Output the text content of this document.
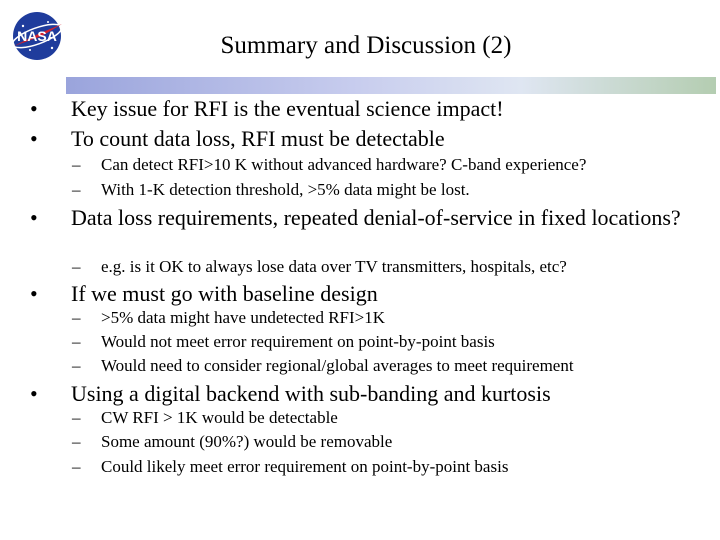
NASA	Summary and Discussion (2)
• Key issue for RFI is the eventual science impact!
• To count data loss, RFI must be detectable
– Can detect RFI>10 K without advanced hardware? C-band experience?
– With 1-K detection threshold, >5% data might be lost.
• Data loss requirements, repeated denial-of-service in fixed locations?
– e.g. is it OK to always lose data over TV transmitters, hospitals, etc?
• If we must go with baseline design
– >5% data might have undetected RFI>1K
– Would not meet error requirement on point-by-point basis
– Would need to consider regional/global averages to meet requirement
• Using a digital backend with sub-banding and kurtosis
– CW RFI > 1K would be detectable
– Some amount (90%?) would be removable
– Could likely meet error requirement on point-by-point basis
